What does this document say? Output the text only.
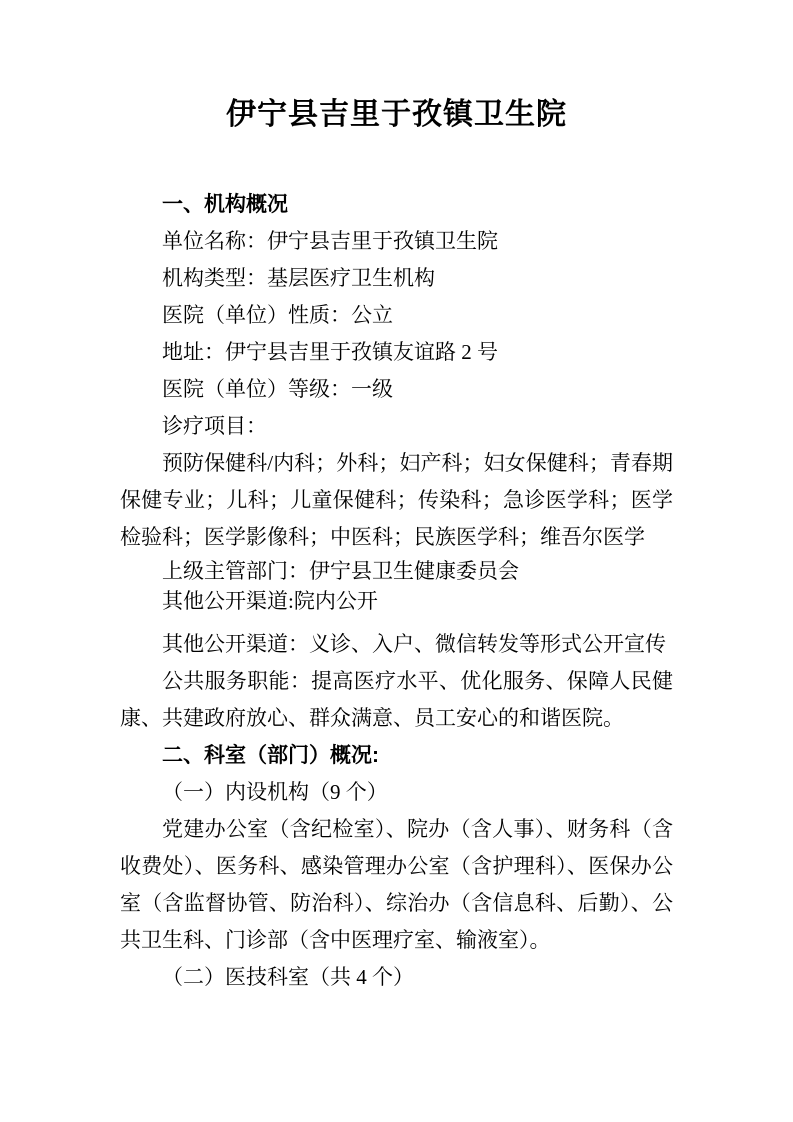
伊宁县吉里于孜镇卫生院
一、机构概况

单位名称：伊宁县吉里于孜镇卫生院

机构类型：基层医疗卫生机构

医院（单位）性质：公立

地址：伊宁县吉里于孜镇友谊路 2 号

医院（单位）等级：一级

诊疗项目：

预防保健科/内科；外科；妇产科；妇女保健科；青春期保健专业；儿科；儿童保健科；传染科；急诊医学科；医学检验科；医学影像科；中医科；民族医学科；维吾尔医学

上级主管部门：伊宁县卫生健康委员会

其他公开渠道:院内公开

其他公开渠道：义诊、入户、微信转发等形式公开宣传

公共服务职能：提高医疗水平、优化服务、保障人民健康、共建政府放心、群众满意、员工安心的和谐医院。

二、科室（部门）概况:

（一）内设机构（9 个）

党建办公室（含纪检室）、院办（含人事）、财务科（含收费处）、医务科、感染管理办公室（含护理科）、医保办公室（含监督协管、防治科）、综治办（含信息科、后勤）、公共卫生科、门诊部（含中医理疗室、输液室）。

（二）医技科室（共 4 个）
